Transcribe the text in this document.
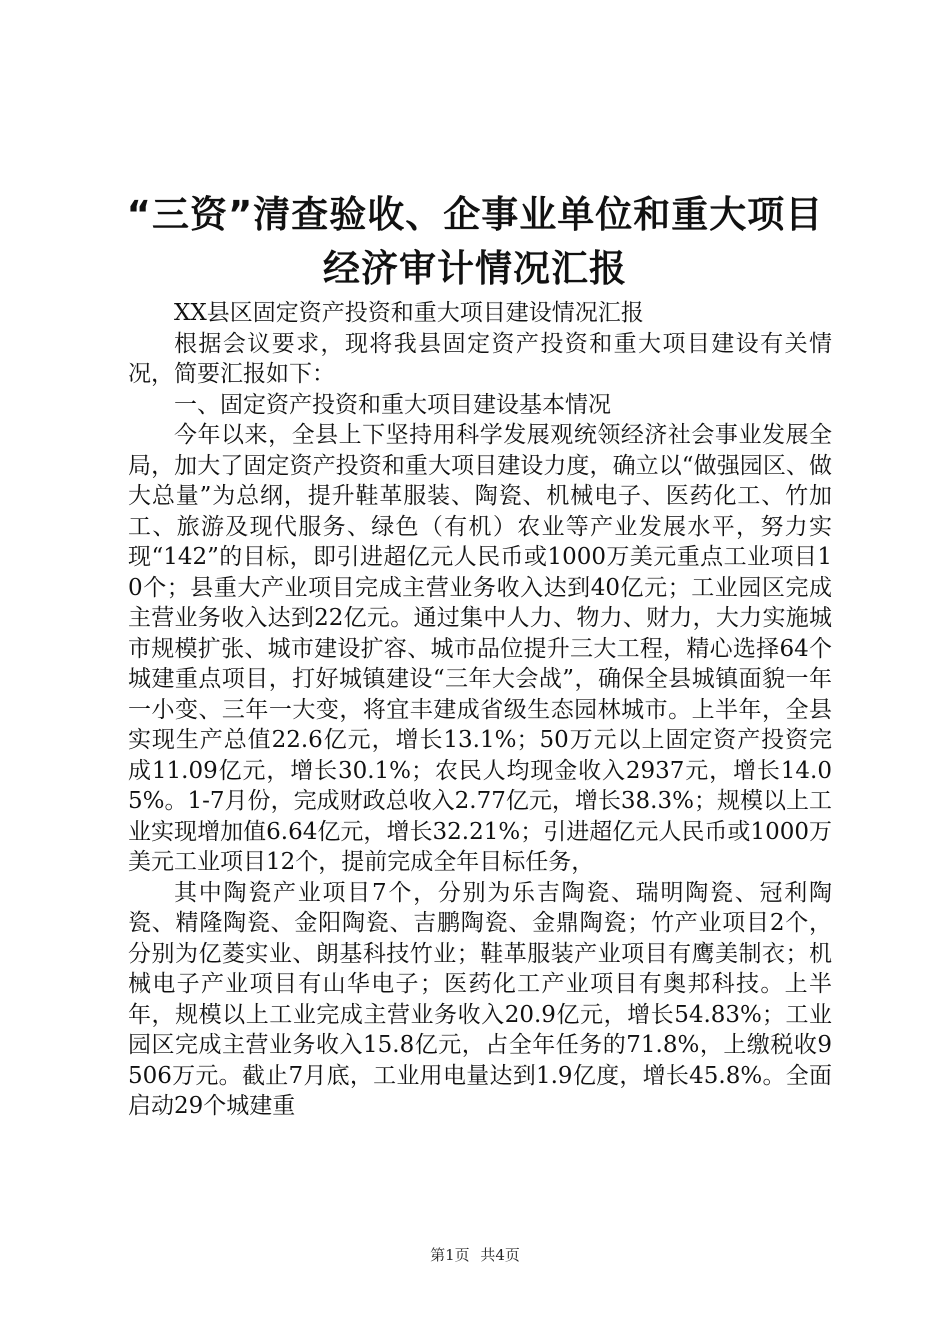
“三资”清查验收、企事业单位和重大项目经济审计情况汇报

XX县区固定资产投资和重大项目建设情况汇报

根据会议要求，现将我县固定资产投资和重大项目建设有关情况，简要汇报如下：

一、固定资产投资和重大项目建设基本情况

今年以来，全县上下坚持用科学发展观统领经济社会事业发展全局，加大了固定资产投资和重大项目建设力度，确立以“做强园区、做大总量”为总纲，提升鞋革服装、陶瓷、机械电子、医药化工、竹加工、旅游及现代服务、绿色（有机）农业等产业发展水平，努力实现“142”的目标，即引进超亿元人民币或1000万美元重点工业项目10个；县重大产业项目完成主营业务收入达到40亿元；工业园区完成主营业务收入达到22亿元。通过集中人力、物力、财力，大力实施城市规模扩张、城市建设扩容、城市品位提升三大工程，精心选择64个城建重点项目，打好城镇建设“三年大会战”，确保全县城镇面貌一年一小变、三年一大变，将宜丰建成省级生态园林城市。上半年，全县实现生产总值22.6亿元，增长13.1%；50万元以上固定资产投资完成11.09亿元，增长30.1%；农民人均现金收入2937元，增长14.05%。1-7月份，完成财政总收入2.77亿元，增长38.3%；规模以上工业实现增加值6.64亿元，增长32.21%；引进超亿元人民币或1000万美元工业项目12个，提前完成全年目标任务，

其中陶瓷产业项目7个，分别为乐吉陶瓷、瑞明陶瓷、冠利陶瓷、精隆陶瓷、金阳陶瓷、吉鹏陶瓷、金鼎陶瓷；竹产业项目2个，分别为亿菱实业、朗基科技竹业；鞋革服装产业项目有鹰美制衣；机械电子产业项目有山华电子；医药化工产业项目有奥邦科技。上半年，规模以上工业完成主营业务收入20.9亿元，增长54.83%；工业园区完成主营业务收入15.8亿元，占全年任务的71.8%，上缴税收9506万元。截止7月底，工业用电量达到1.9亿度，增长45.8%。全面启动29个城建重

第1页 共4页
